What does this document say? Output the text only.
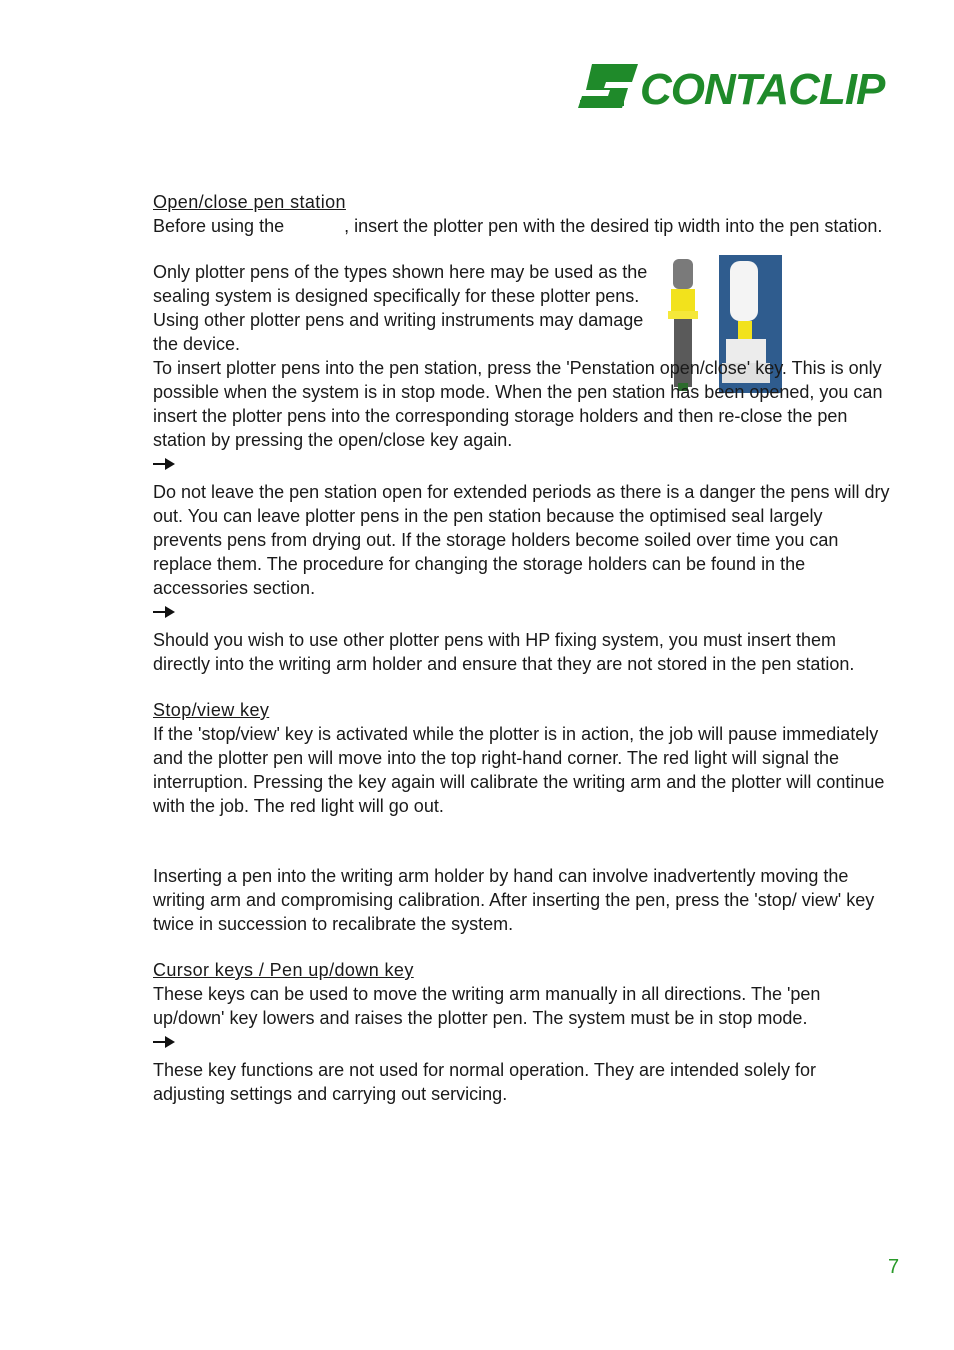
CONTACLIP
Open/close pen station

Before using the	, insert the plotter pen with the desired tip width into the pen station.

Only plotter pens of the types shown here may be used as the sealing system is designed specifically for these plotter pens. Using other plotter pens and writing instruments may damage the device.

To insert plotter pens into the pen station, press the 'Penstation open/close' key. This is only possible when the system is in stop mode. When the pen station has been opened, you can insert the plotter pens into the corresponding storage holders and then re-close the pen station by pressing the open/close key again.

Do not leave the pen station open for extended periods as there is a danger the pens will dry out. You can leave plotter pens in the pen station because the optimised seal largely prevents pens from drying out. If the storage holders become soiled over time you can replace them. The procedure for changing the storage holders can be found in the accessories section.

Should you wish to use other plotter pens with HP fixing system, you must insert them directly into the writing arm holder and ensure that they are not stored in the pen station.

Stop/view key

If the 'stop/view' key is activated while the plotter is in action, the job will pause immediately and the plotter pen will move into the top right-hand corner. The red light will signal the interruption. Pressing the key again will calibrate the writing arm and the plotter will continue with the job. The red light will go out.

Inserting a pen into the writing arm holder by hand can involve inadvertently moving the writing arm and compromising calibration. After inserting the pen, press the 'stop/ view' key twice in succession to recalibrate the system.

Cursor keys / Pen up/down key

These keys can be used to move the writing arm manually in all directions. The 'pen up/down' key lowers and raises the plotter pen. The system must be in stop mode.

These key functions are not used for normal operation. They are intended solely for adjusting settings and carrying out servicing.

7
